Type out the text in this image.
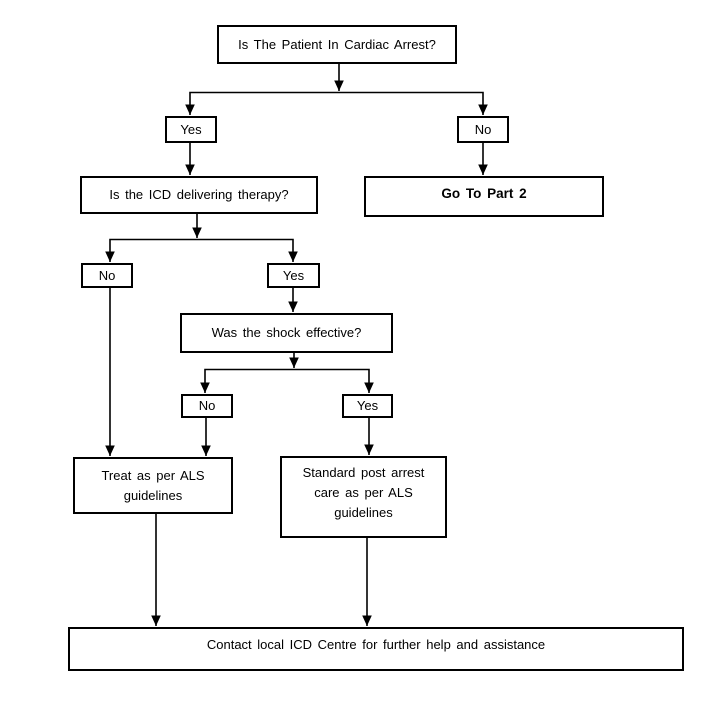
Is The Patient In Cardiac Arrest?
Yes	No
Is the ICD delivering therapy?	Go To Part 2
No	Yes
Was the shock effective?
No	Yes
Treat as per ALS guidelines
Standard post arrest care as per ALS guidelines
Contact local ICD Centre for further help and assistance
